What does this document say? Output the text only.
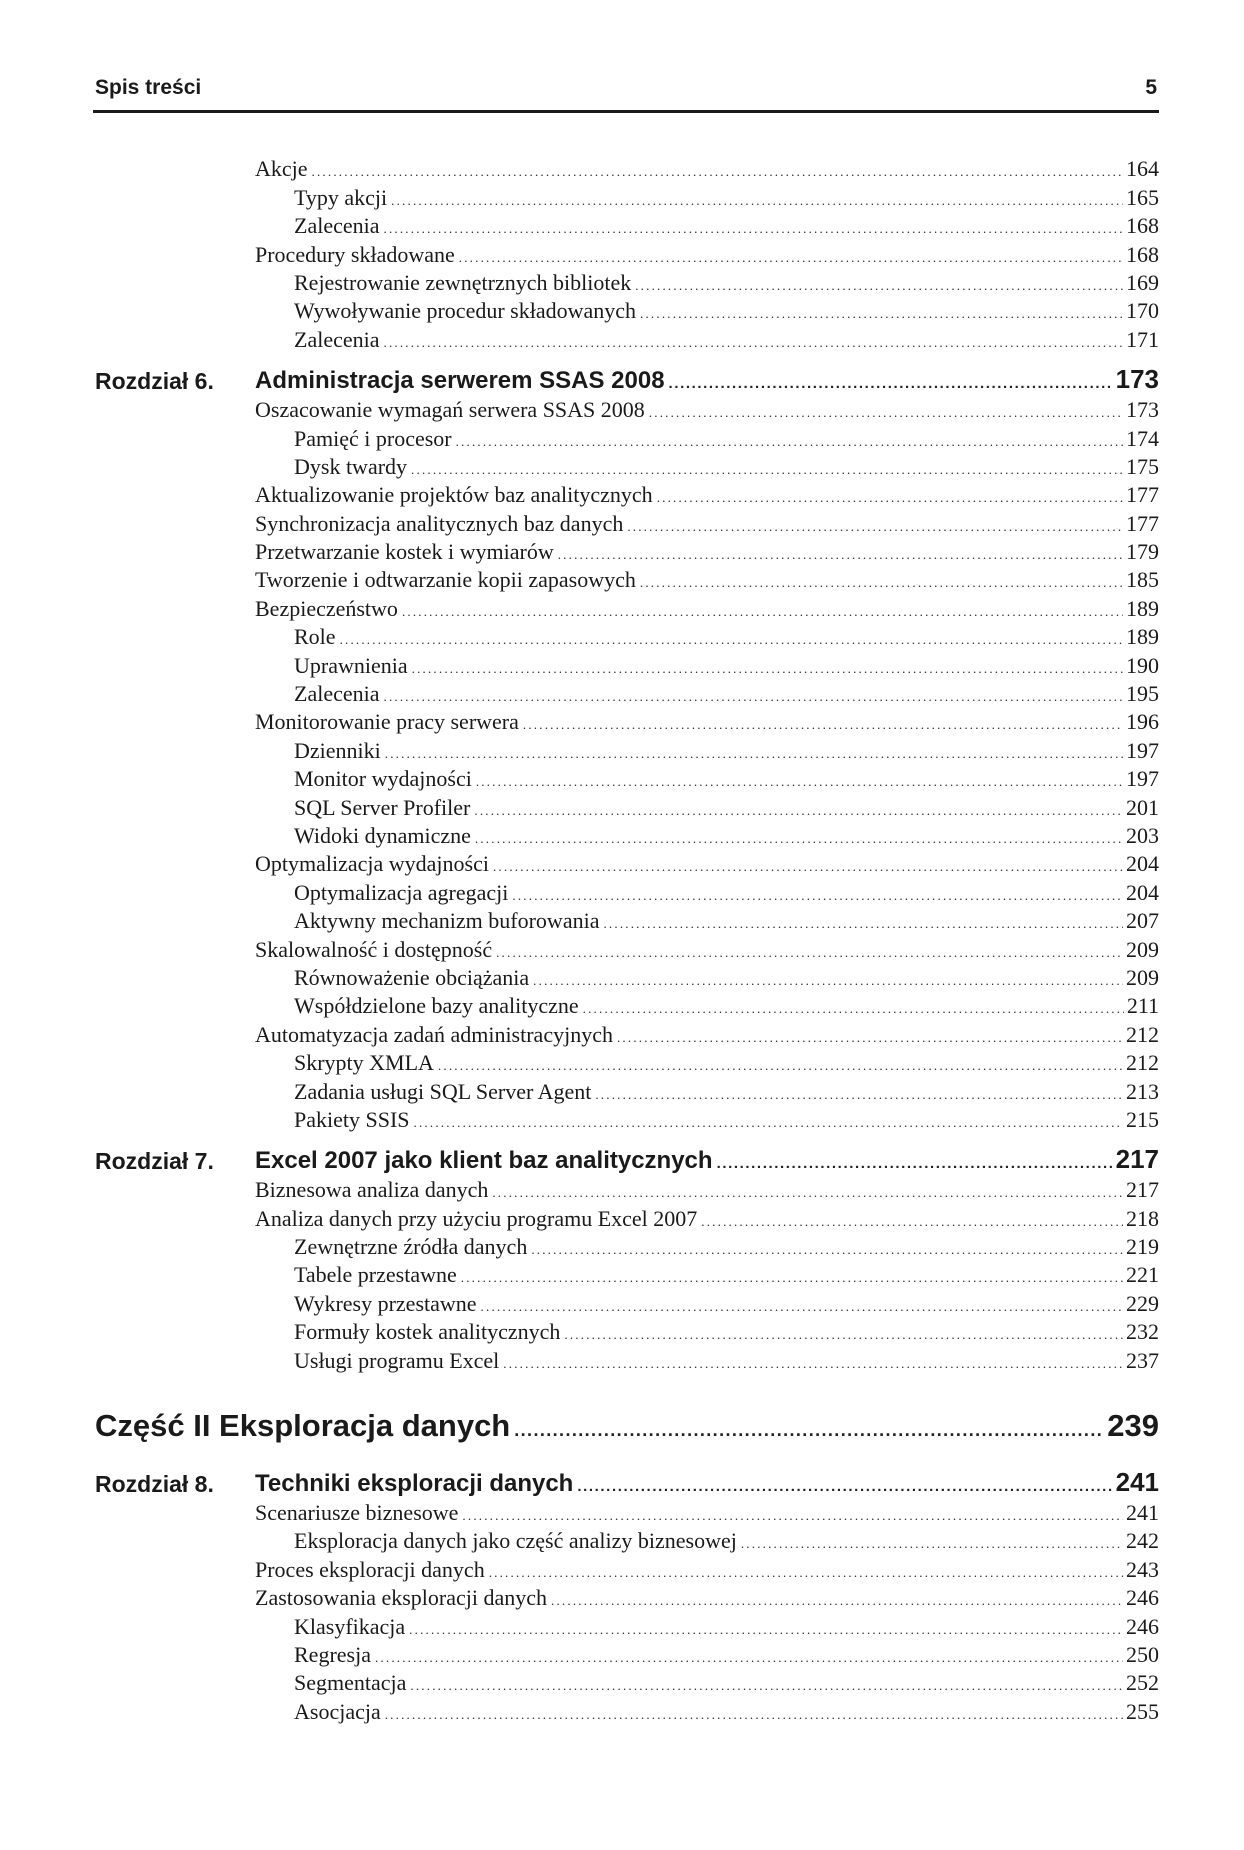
Spis treści	5
Akcje .....	164
Typy akcji .....	165
Zalecenia .....	168
Procedury składowane .....	168
Rejestrowanie zewnętrznych bibliotek .....	169
Wywoływanie procedur składowanych .....	170
Zalecenia .....	171
Rozdział 6. Administracja serwerem SSAS 2008 .....	173
Oszacowanie wymagań serwera SSAS 2008 .....	173
Pamięć i procesor .....	174
Dysk twardy .....	175
Aktualizowanie projektów baz analitycznych .....	177
Synchronizacja analitycznych baz danych .....	177
Przetwarzanie kostek i wymiarów .....	179
Tworzenie i odtwarzanie kopii zapasowych .....	185
Bezpieczeństwo .....	189
Role .....	189
Uprawnienia .....	190
Zalecenia .....	195
Monitorowanie pracy serwera .....	196
Dzienniki .....	197
Monitor wydajności .....	197
SQL Server Profiler .....	201
Widoki dynamiczne .....	203
Optymalizacja wydajności .....	204
Optymalizacja agregacji .....	204
Aktywny mechanizm buforowania .....	207
Skalowalność i dostępność .....	209
Równoważenie obciążania .....	209
Współdzielone bazy analityczne .....	211
Automatyzacja zadań administracyjnych .....	212
Skrypty XMLA .....	212
Zadania usługi SQL Server Agent .....	213
Pakiety SSIS .....	215
Rozdział 7. Excel 2007 jako klient baz analitycznych .....	217
Biznesowa analiza danych .....	217
Analiza danych przy użyciu programu Excel 2007 .....	218
Zewnętrzne źródła danych .....	219
Tabele przestawne .....	221
Wykresy przestawne .....	229
Formuły kostek analitycznych .....	232
Usługi programu Excel .....	237
Część II Eksploracja danych .....	239
Rozdział 8. Techniki eksploracji danych .....	241
Scenariusze biznesowe .....	241
Eksploracja danych jako część analizy biznesowej .....	242
Proces eksploracji danych .....	243
Zastosowania eksploracji danych .....	246
Klasyfikacja .....	246
Regresja .....	250
Segmentacja .....	252
Asocjacja .....	255
